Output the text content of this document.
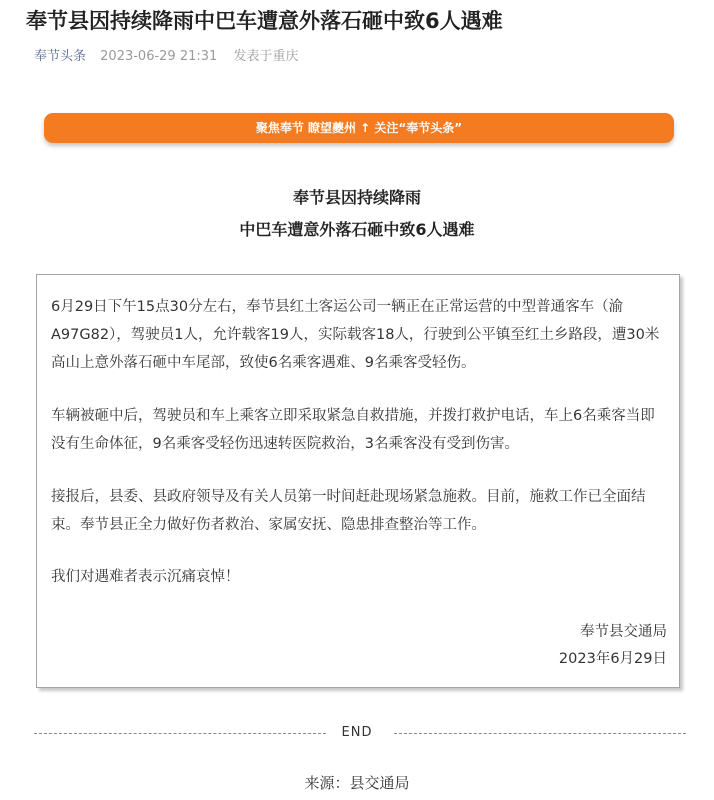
奉节县因持续降雨中巴车遭意外落石砸中致6人遇难
奉节头条 2023-06-29 21:31 发表于重庆
聚焦奉节 瞭望夔州 ↑ 关注“奉节头条”
奉节县因持续降雨
中巴车遭意外落石砸中致6人遇难

6月29日下午15点30分左右，奉节县红土客运公司一辆正在正常运营的中型普通客车（渝 A97G82），驾驶员1人，允许载客19人，实际载客18人，行驶到公平镇至红土乡路段，遭30米高山上意外落石砸中车尾部，致使6名乘客遇难、9名乘客受轻伤。

车辆被砸中后，驾驶员和车上乘客立即采取紧急自救措施，并拨打救护电话，车上6名乘客当即没有生命体征，9名乘客受轻伤迅速转医院救治，3名乘客没有受到伤害。

接报后，县委、县政府领导及有关人员第一时间赶赴现场紧急施救。目前，施救工作已全面结束。奉节县正全力做好伤者救治、家属安抚、隐患排查整治等工作。

我们对遇难者表示沉痛哀悼！

奉节县交通局
2023年6月29日
END
来源：县交通局
